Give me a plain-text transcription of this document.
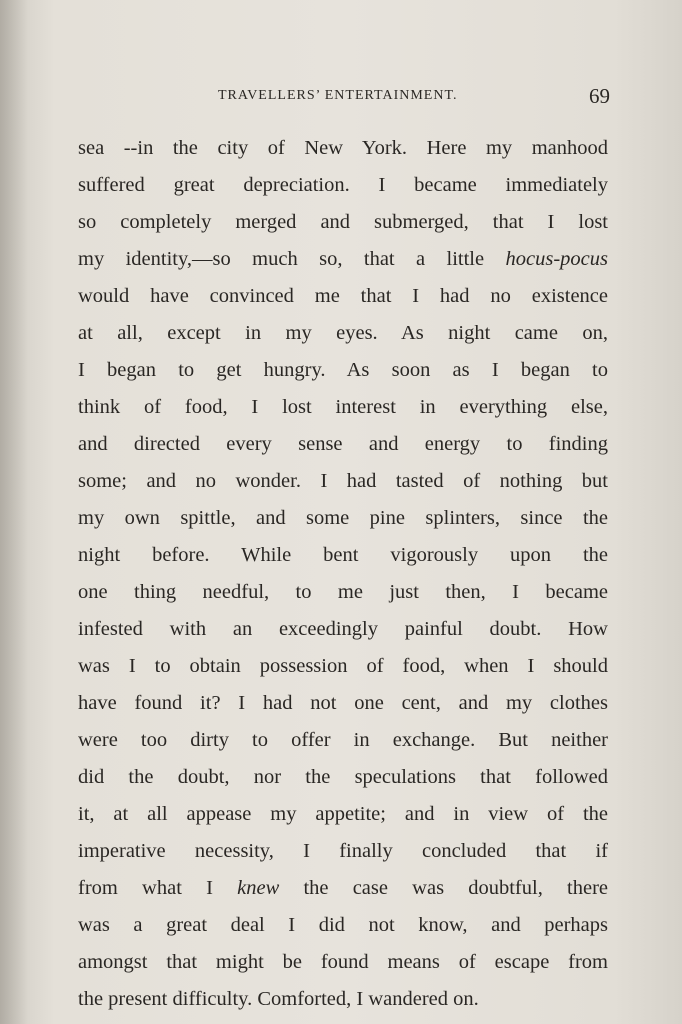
TRAVELLERS’ ENTERTAINMENT.	69
sea --in the city of New York. Here my manhood
suffered great depreciation. I became immediately
so completely merged and submerged, that I lost
my identity,—so much so, that a little hocus-pocus
would have convinced me that I had no existence
at all, except in my eyes. As night came on,
I began to get hungry. As soon as I began to
think of food, I lost interest in everything else,
and directed every sense and energy to finding
some; and no wonder. I had tasted of nothing but
my own spittle, and some pine splinters, since the
night before. While bent vigorously upon the
one thing needful, to me just then, I became
infested with an exceedingly painful doubt. How
was I to obtain possession of food, when I should
have found it? I had not one cent, and my clothes
were too dirty to offer in exchange. But neither
did the doubt, nor the speculations that followed
it, at all appease my appetite; and in view of the
imperative necessity, I finally concluded that if
from what I knew the case was doubtful, there
was a great deal I did not know, and perhaps
amongst that might be found means of escape from
the present difficulty. Comforted, I wandered on.
